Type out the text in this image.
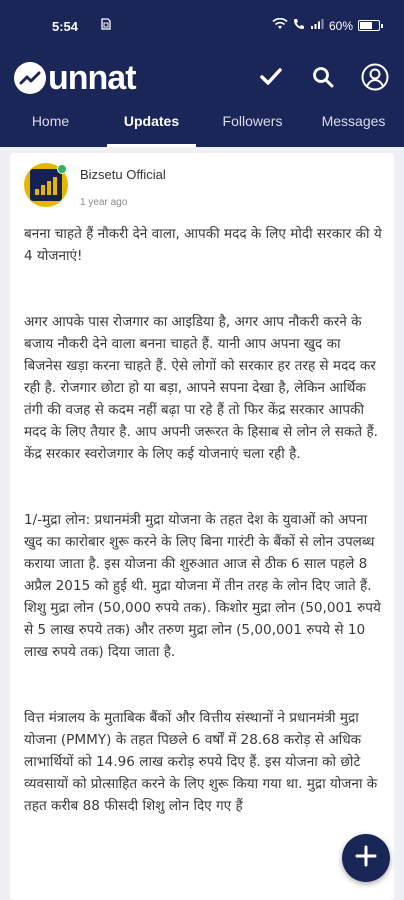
5:54	60%
unnat
Home	Updates	Followers	Messages
Bizsetu Official
1 year ago

बनना चाहते हैं नौकरी देने वाला, आपकी मदद के लिए मोदी सरकार की ये 4 योजनाएं!

अगर आपके पास रोजगार का आइडिया है, अगर आप नौकरी करने के बजाय नौकरी देने वाला बनना चाहते हैं. यानी आप अपना खुद का बिजनेस खड़ा करना चाहते हैं. ऐसे लोगों को सरकार हर तरह से मदद कर रही है. रोजगार छोटा हो या बड़ा, आपने सपना देखा है, लेकिन आर्थिक तंगी की वजह से कदम नहीं बढ़ा पा रहे हैं तो फिर केंद्र सरकार आपकी मदद के लिए तैयार है. आप अपनी जरूरत के हिसाब से लोन ले सकते हैं. केंद्र सरकार स्वरोजगार के लिए कई योजनाएं चला रही है.

1/-मुद्रा लोन: प्रधानमंत्री मुद्रा योजना के तहत देश के युवाओं को अपना खुद का कारोबार शुरू करने के लिए बिना गारंटी के बैंकों से लोन उपलब्ध कराया जाता है. इस योजना की शुरुआत आज से ठीक 6 साल पहले 8 अप्रैल 2015 को हुई थी. मुद्रा योजना में तीन तरह के लोन दिए जाते हैं. शिशु मुद्रा लोन (50,000 रुपये तक). किशोर मुद्रा लोन (50,001 रुपये से 5 लाख रुपये तक) और तरुण मुद्रा लोन (5,00,001 रुपये से 10 लाख रुपये तक) दिया जाता है.

वित्त मंत्रालय के मुताबिक बैंकों और वित्तीय संस्थानों ने प्रधानमंत्री मुद्रा योजना (PMMY) के तहत पिछले 6 वर्षों में 28.68 करोड़ से अधिक लाभार्थियों को 14.96 लाख करोड़ रुपये दिए हैं. इस योजना को छोटे व्यवसायों को प्रोत्साहित करने के लिए शुरू किया गया था. मुद्रा योजना के तहत करीब 88 फीसदी शिशु लोन दिए गए हैं
